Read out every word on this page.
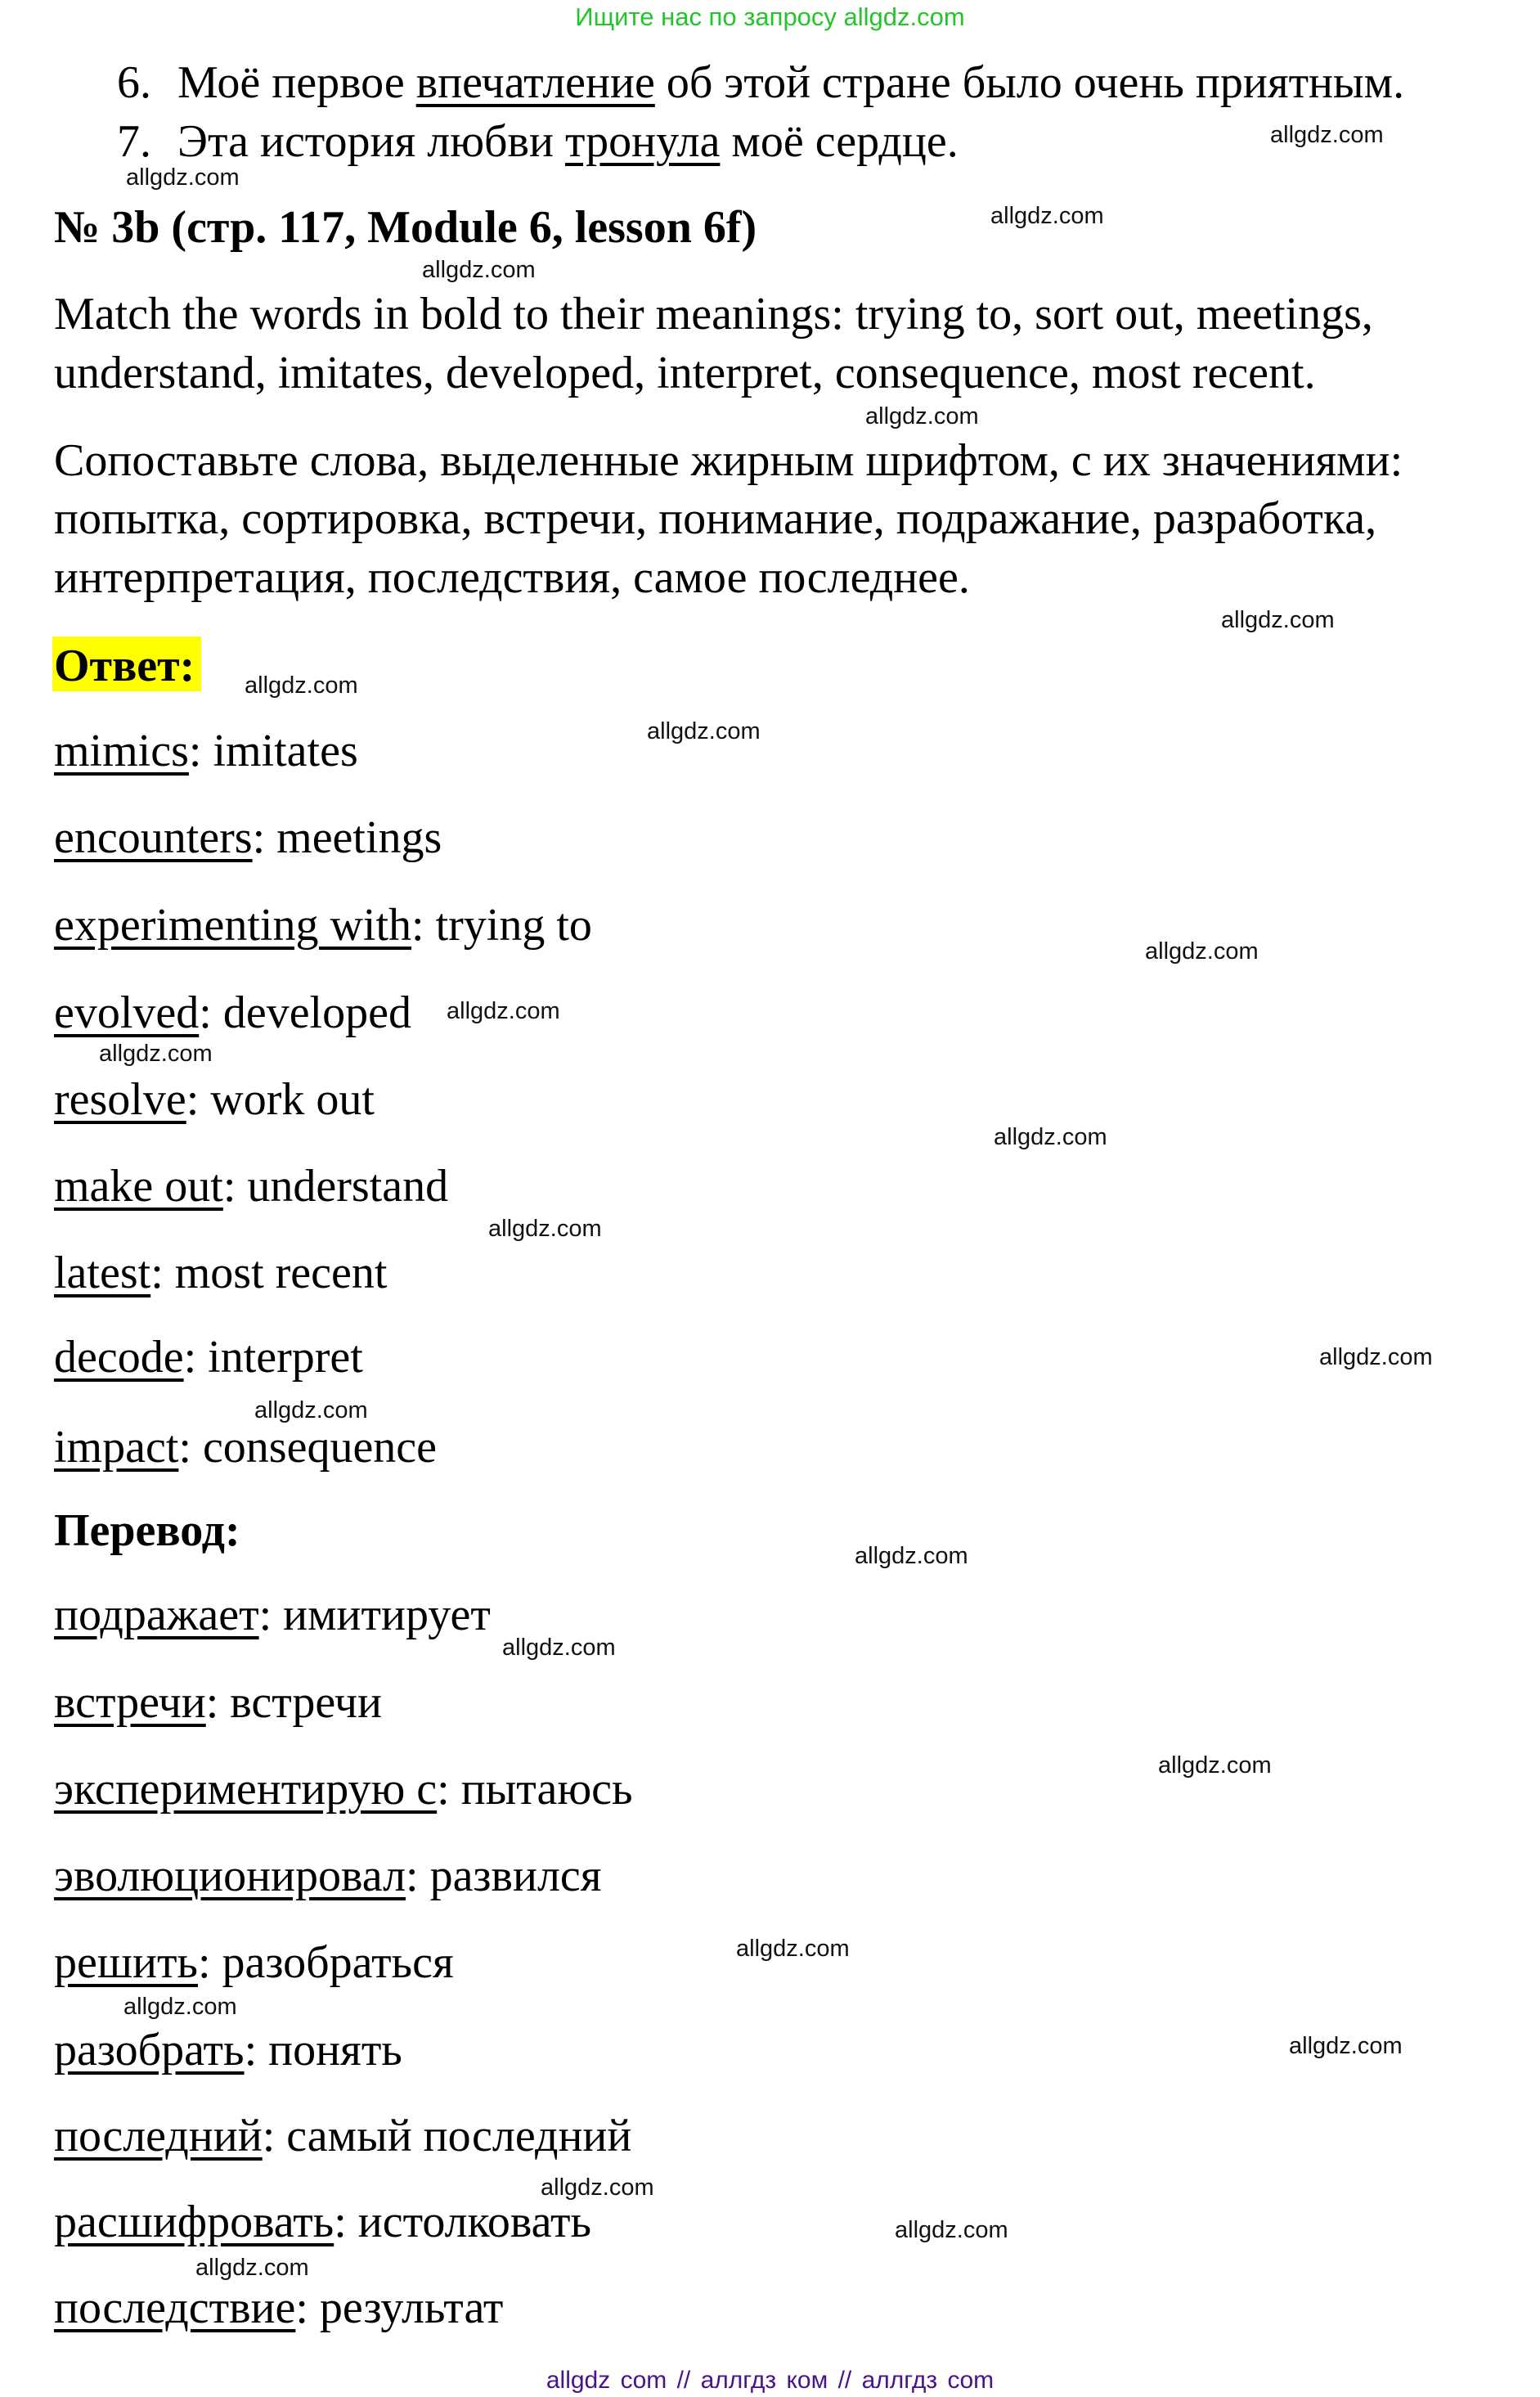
Ищите нас по запросу allgdz.com
6. Моё первое впечатление об этой стране было очень приятным.
7. Эта история любви тронула моё сердце.
№ 3b (стр. 117, Module 6, lesson 6f)
Match the words in bold to their meanings: trying to, sort out, meetings,
understand, imitates, developed, interpret, consequence, most recent.
Сопоставьте слова, выделенные жирным шрифтом, с их значениями:
попытка, сортировка, встречи, понимание, подражание, разработка,
интерпретация, последствия, самое последнее.
Ответ:
mimics: imitates
encounters: meetings
experimenting with: trying to
evolved: developed
resolve: work out
make out: understand
latest: most recent
decode: interpret
impact: consequence
Перевод:
подражает: имитирует
встречи: встречи
экспериментирую с: пытаюсь
эволюционировал: развился
решить: разобраться
разобрать: понять
последний: самый последний
расшифровать: истолковать
последствие: результат
allgdz.com
allgdz.com
allgdz.com
allgdz.com
allgdz.com
allgdz.com
allgdz.com
allgdz.com
allgdz.com
allgdz.com
allgdz.com
allgdz.com
allgdz.com
allgdz.com
allgdz.com
allgdz.com
allgdz.com
allgdz.com
allgdz.com
allgdz.com
allgdz.com
allgdz.com
allgdz.com
allgdz.com
allgdz com // аллгдз ком // аллгдз com
